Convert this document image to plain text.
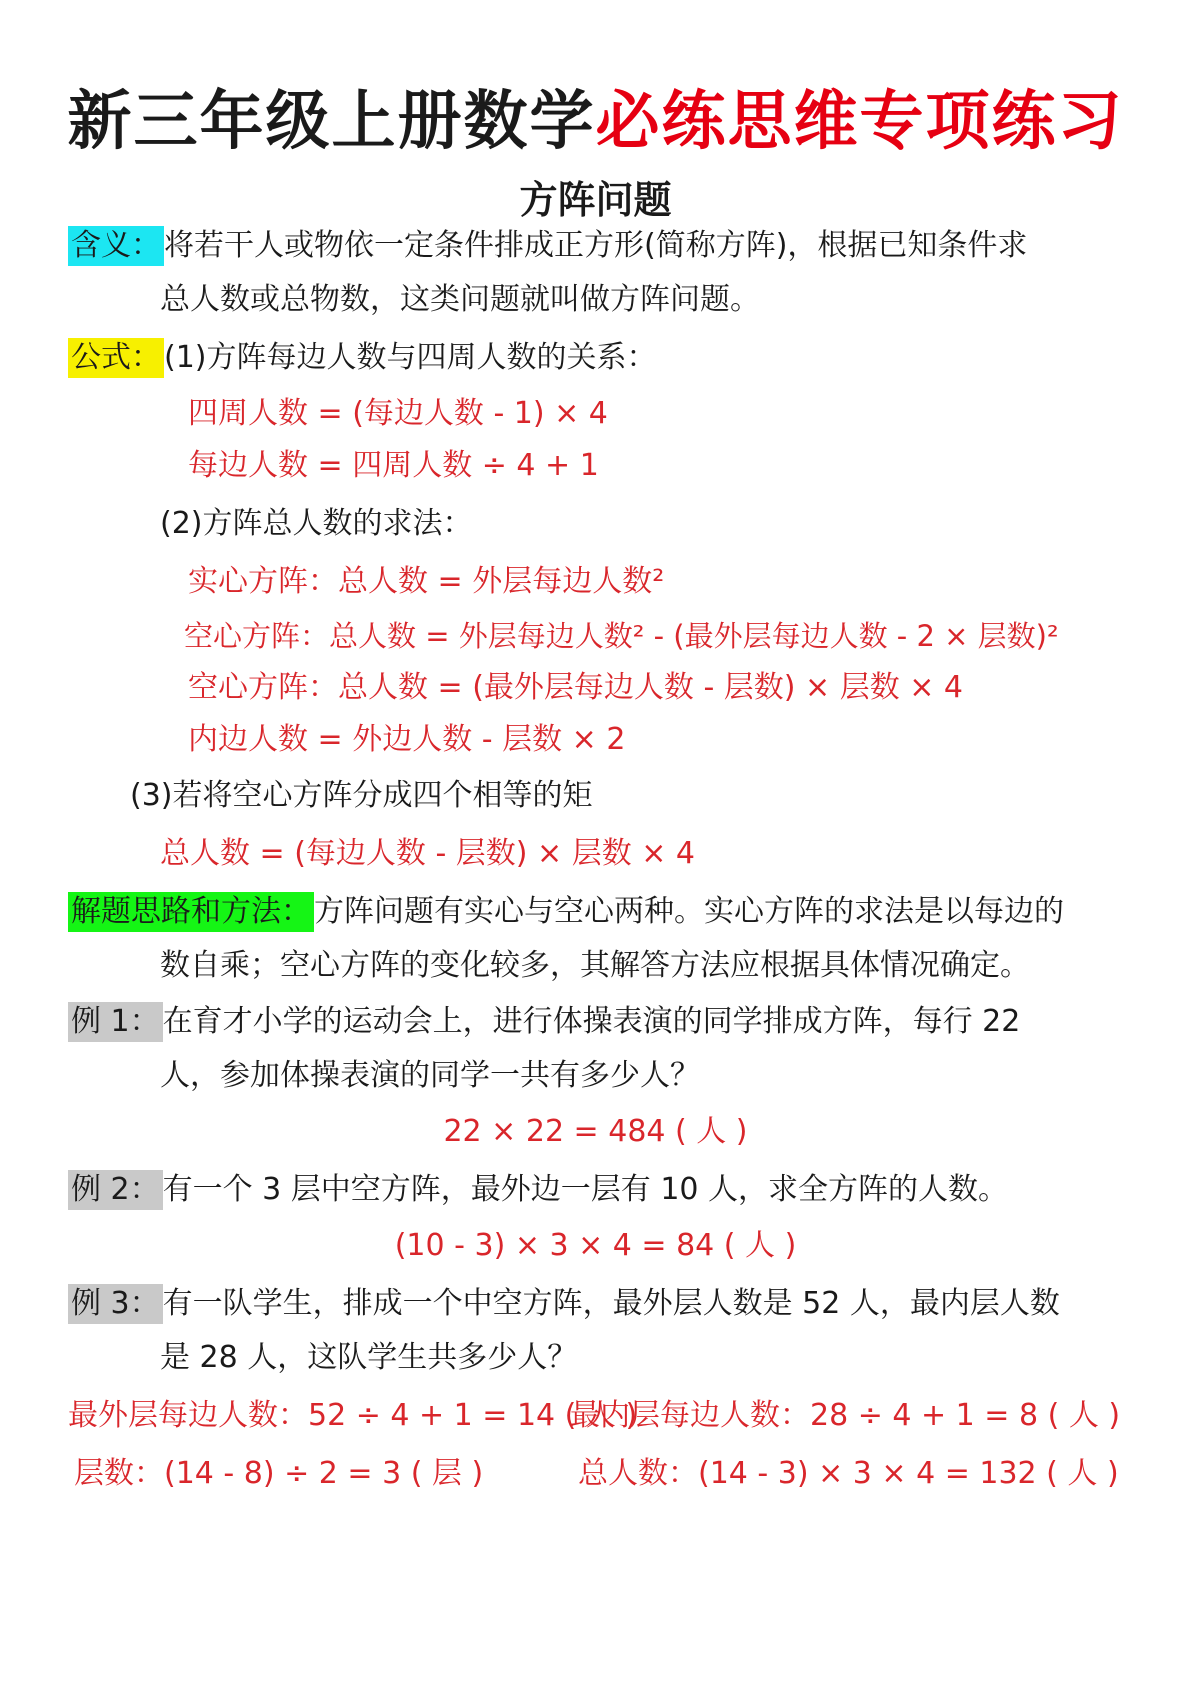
新三年级上册数学必练思维专项练习
方阵问题
含义： 将若干人或物依一定条件排成正方形(简称方阵)，根据已知条件求
总人数或总物数，这类问题就叫做方阵问题。
公式： (1)方阵每边人数与四周人数的关系：
四周人数 = (每边人数 - 1) × 4
每边人数 = 四周人数 ÷ 4 + 1
(2)方阵总人数的求法：
实心方阵：总人数 = 外层每边人数²
空心方阵：总人数 = 外层每边人数² - (最外层每边人数 - 2 × 层数)²
空心方阵：总人数 = (最外层每边人数 - 层数) × 层数 × 4
内边人数 = 外边人数 - 层数 × 2
(3)若将空心方阵分成四个相等的矩
总人数 = (每边人数 - 层数) × 层数 × 4
解题思路和方法： 方阵问题有实心与空心两种。实心方阵的求法是以每边的
数自乘；空心方阵的变化较多，其解答方法应根据具体情况确定。
例 1： 在育才小学的运动会上，进行体操表演的同学排成方阵，每行 22
人，参加体操表演的同学一共有多少人？
22 × 22 = 484 ( 人 )
例 2： 有一个 3 层中空方阵，最外边一层有 10 人，求全方阵的人数。
(10 - 3) × 3 × 4 = 84 ( 人 )
例 3： 有一队学生，排成一个中空方阵，最外层人数是 52 人，最内层人数
是 28 人，这队学生共多少人？
最外层每边人数：52 ÷ 4 + 1 = 14 ( 人 )
最内层每边人数：28 ÷ 4 + 1 = 8 ( 人 )
层数：(14 - 8) ÷ 2 = 3 ( 层 )	总人数：(14 - 3) × 3 × 4 = 132 ( 人 )
